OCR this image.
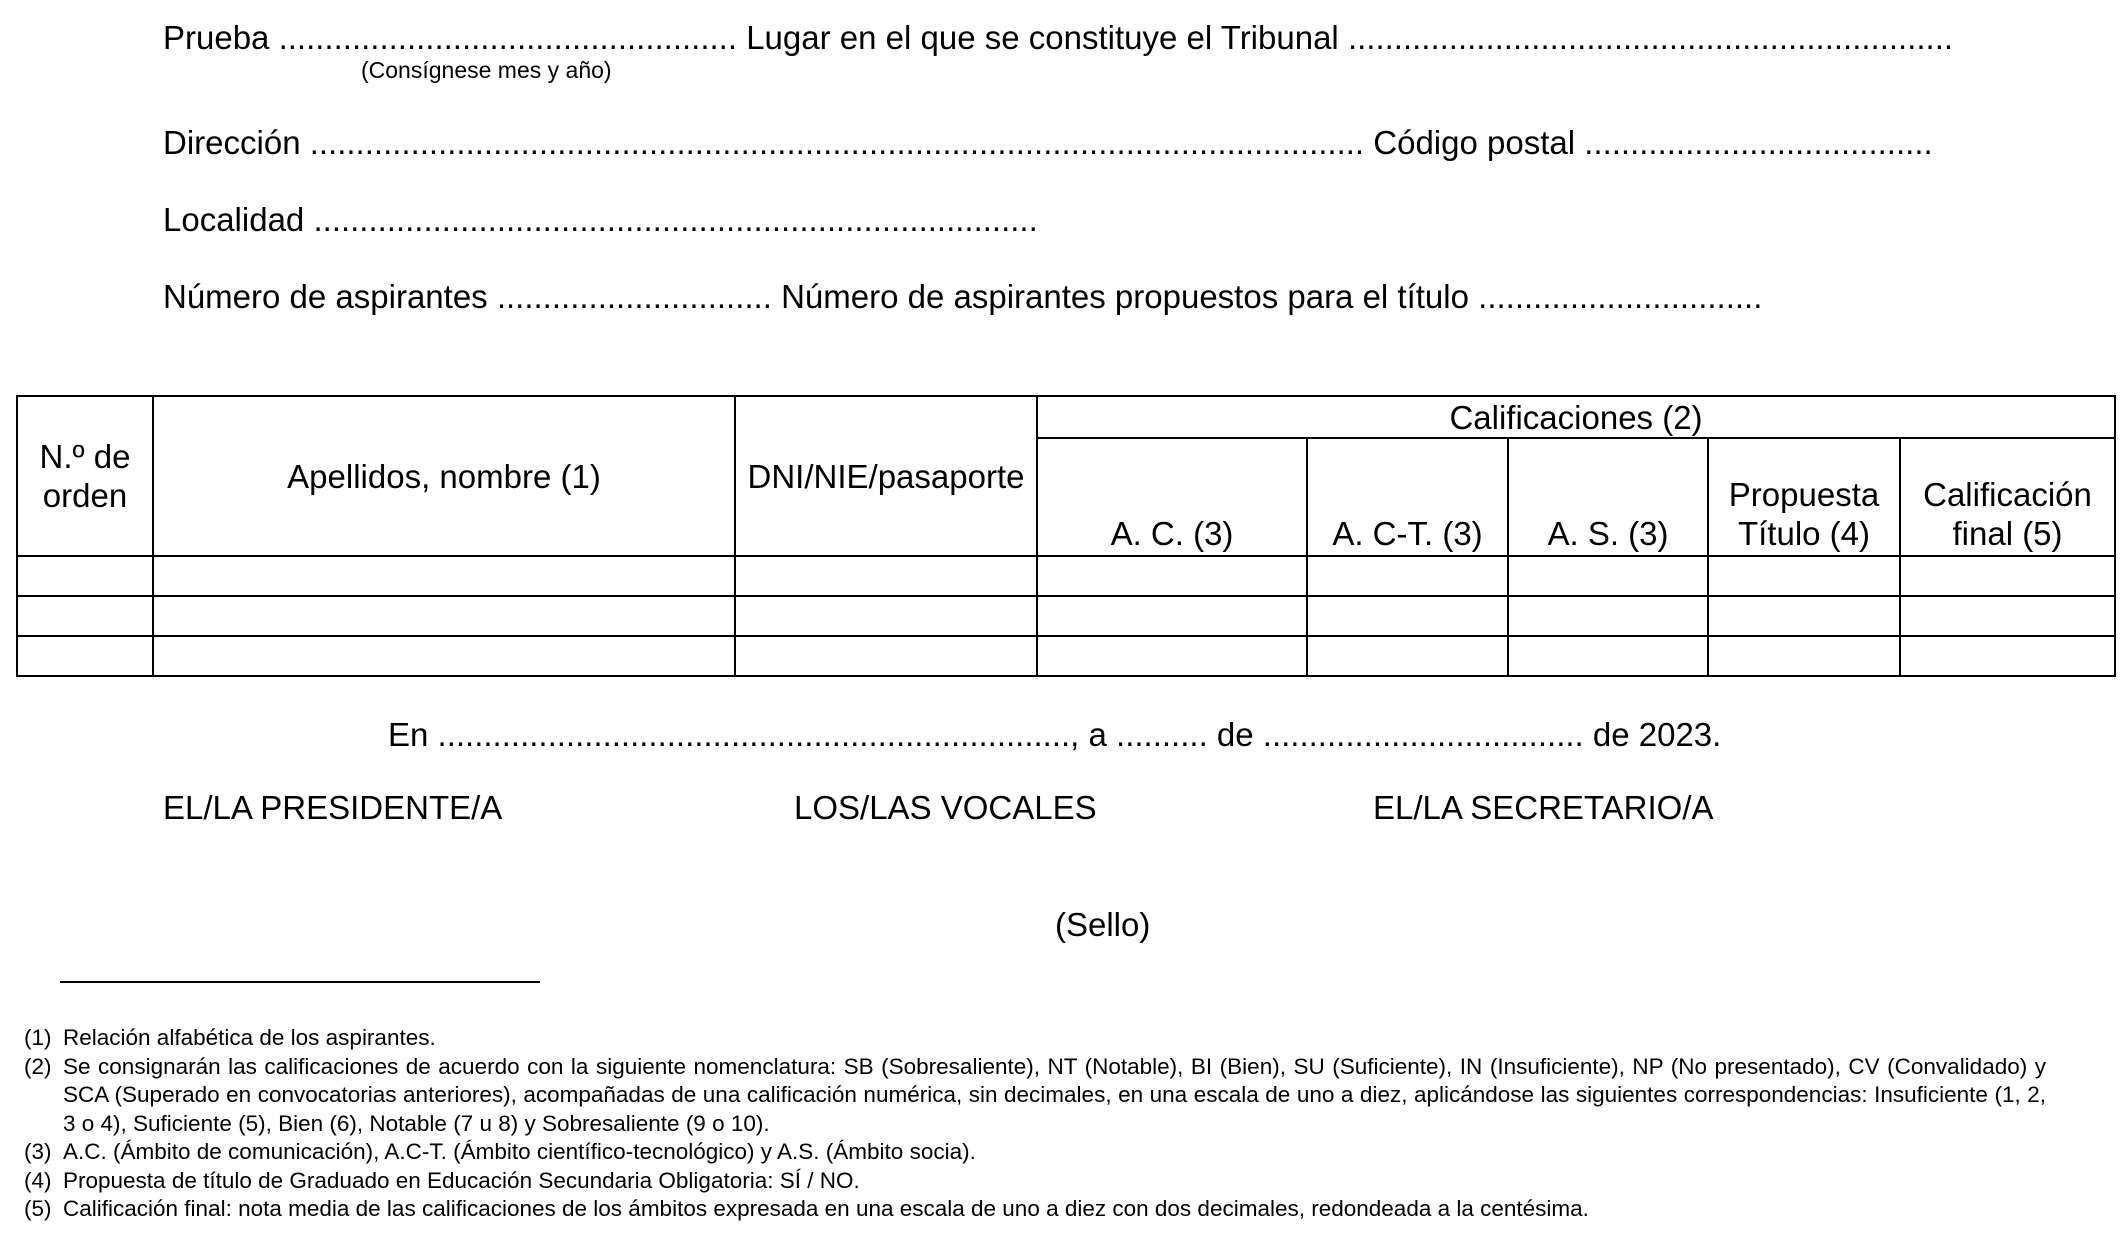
Prueba .................................................. Lugar en el que se constituye el Tribunal ..................................................................
(Consígnese mes y año)
Dirección ................................................................................................................... Código postal ......................................
Localidad ...............................................................................
Número de aspirantes .............................. Número de aspirantes propuestos para el título ...............................
N.º de orden	Apellidos, nombre (1)	DNI/NIE/pasaporte	Calificaciones (2)				
			A. C. (3)	A. C-T. (3)	A. S. (3)	Propuesta Título (4)	Calificación final (5)

En ....................................................................., a .......... de ................................... de 2023.
EL/LA PRESIDENTE/A	LOS/LAS VOCALES	EL/LA SECRETARIO/A
(Sello)
(1) Relación alfabética de los aspirantes.
(2) Se consignarán las calificaciones de acuerdo con la siguiente nomenclatura: SB (Sobresaliente), NT (Notable), BI (Bien), SU (Suficiente), IN (Insuficiente), NP (No presentado), CV (Convalidado) y SCA (Superado en convocatorias anteriores), acompañadas de una calificación numérica, sin decimales, en una escala de uno a diez, aplicándose las siguientes correspondencias: Insuficiente (1, 2, 3 o 4), Suficiente (5), Bien (6), Notable (7 u 8) y Sobresaliente (9 o 10).
(3) A.C. (Ámbito de comunicación), A.C-T. (Ámbito científico-tecnológico) y A.S. (Ámbito socia).
(4) Propuesta de título de Graduado en Educación Secundaria Obligatoria: SÍ / NO.
(5) Calificación final: nota media de las calificaciones de los ámbitos expresada en una escala de uno a diez con dos decimales, redondeada a la centésima.
